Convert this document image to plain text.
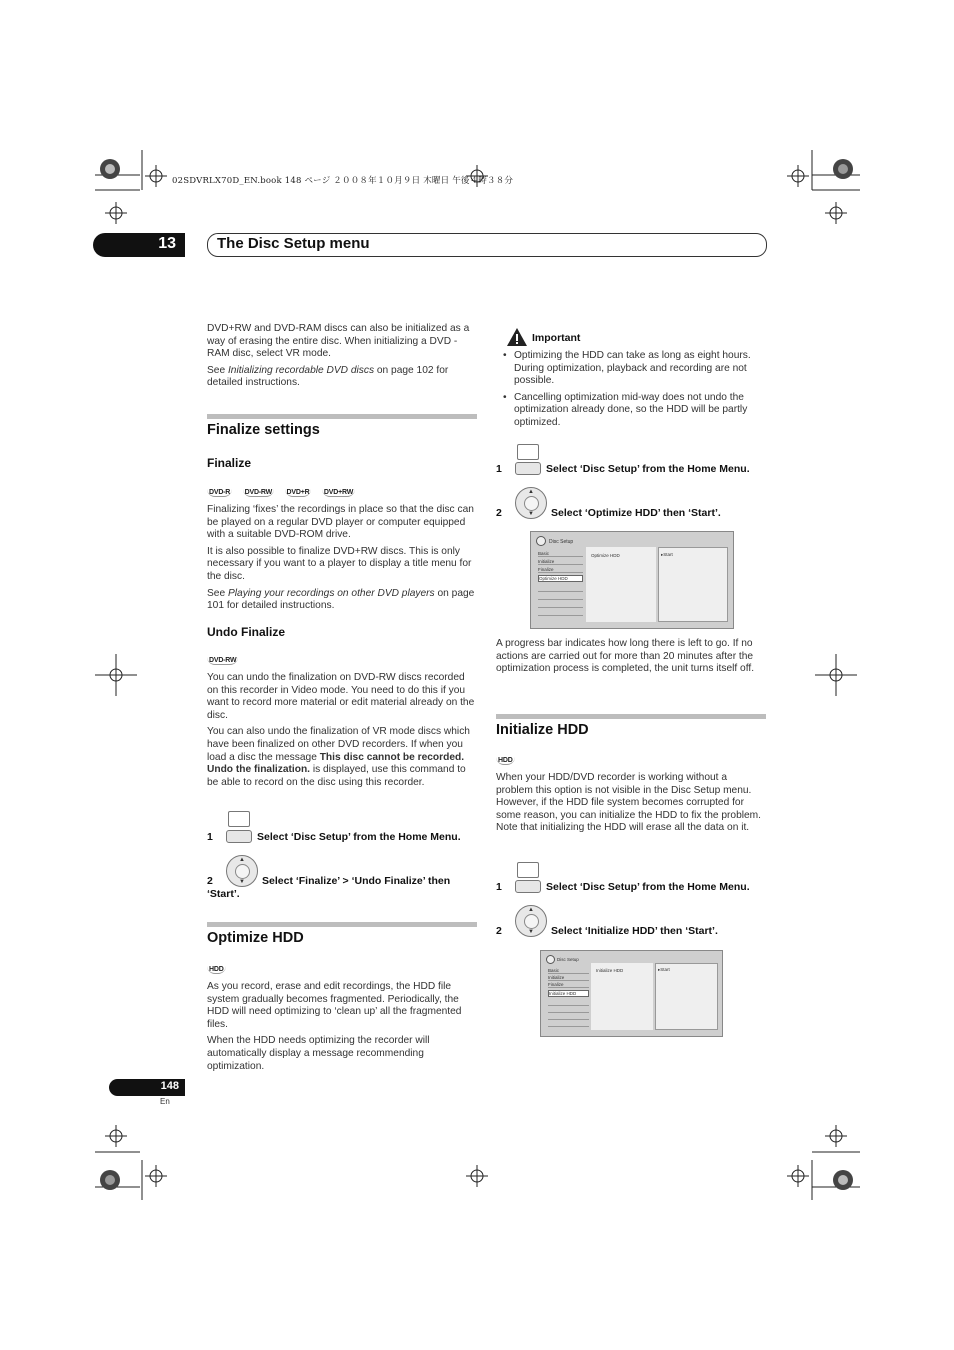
02SDVRLX70D_EN.book 148 ページ ２００８年１０月９日 木曜日 午後４時３８分
13	The Disc Setup menu

DVD+RW and DVD-RAM discs can also be initialized as a way of erasing the entire disc. When initializing a DVD -RAM disc, select VR mode.

See Initializing recordable DVD discs on page 102 for detailed instructions.

Finalize settings
Finalize
DVD-R DVD-RW DVD+R DVD+RW

Finalizing ‘fixes’ the recordings in place so that the disc can be played on a regular DVD player or computer equipped with a suitable DVD-ROM drive.

It is also possible to finalize DVD+RW discs. This is only necessary if you want to a player to display a title menu for the disc.

See Playing your recordings on other DVD players on page 101 for detailed instructions.

Undo Finalize
DVD-RW

You can undo the finalization on DVD-RW discs recorded on this recorder in Video mode. You need to do this if you want to record more material or edit material already on the disc.

You can also undo the finalization of VR mode discs which have been finalized on other DVD recorders. If when you load a disc the message This disc cannot be recorded. Undo the finalization. is displayed, use this command to be able to record on the disc using this recorder.

1	Select ‘Disc Setup’ from the Home Menu.
▲
▼
2	Select ‘Finalize’ > ‘Undo Finalize’ then
‘Start’.
Optimize HDD
HDD

As you record, erase and edit recordings, the HDD file system gradually becomes fragmented. Periodically, the HDD will need optimizing to ‘clean up’ all the fragmented files.

When the HDD needs optimizing the recorder will automatically display a message recommending optimization.

148
En
Important
• Optimizing the HDD can take as long as eight hours. During optimization, playback and recording are not possible.
• Cancelling optimization mid-way does not undo the optimization already done, so the HDD will be partly optimized.
1	Select ‘Disc Setup’ from the Home Menu.
▲
▼
2	Select ‘Optimize HDD’ then ‘Start’.
Disc Setup
Basic
Initialize
Finalize
Optimize HDD
Optimize HDD	▸Start
A progress bar indicates how long there is left to go. If no actions are carried out for more than 20 minutes after the optimization process is completed, the unit turns itself off.
Initialize HDD
HDD
When your HDD/DVD recorder is working without a problem this option is not visible in the Disc Setup menu. However, if the HDD file system becomes corrupted for some reason, you can initialize the HDD to fix the problem. Note that initializing the HDD will erase all the data on it.
1	Select ‘Disc Setup’ from the Home Menu.
▲
▼
2	Select ‘Initialize HDD’ then ‘Start’.
Disc Setup
Basic
Initialize
Finalize
Initialize HDD
Initialize HDD	▸Start
